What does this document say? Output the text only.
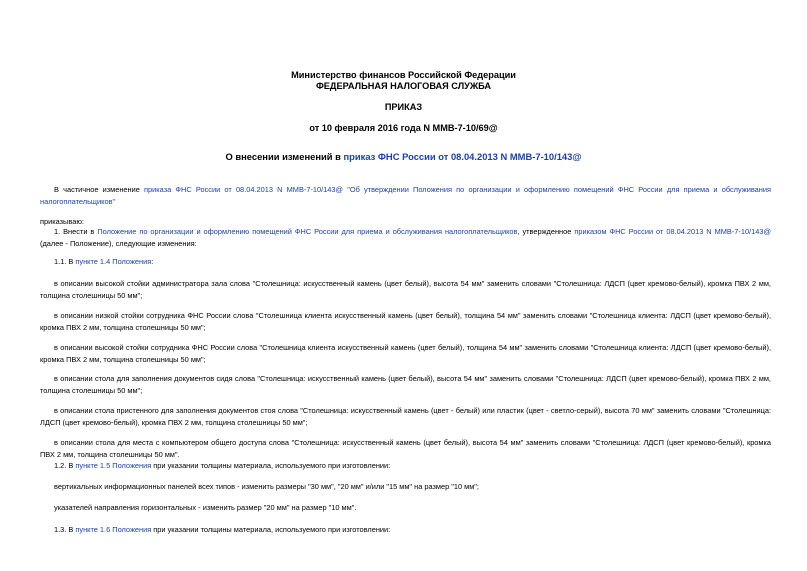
Министерство финансов Российской Федерации
ФЕДЕРАЛЬНАЯ НАЛОГОВАЯ СЛУЖБА
ПРИКАЗ
от 10 февраля 2016 года N ММВ-7-10/69@
О внесении изменений в приказ ФНС России от 08.04.2013 N ММВ-7-10/143@
В частичное изменение приказа ФНС России от 08.04.2013 N ММВ-7-10/143@ "Об утверждении Положения по организации и оформлению помещений ФНС России для приема и обслуживания налогоплательщиков"
приказываю:
1. Внести в Положение по организации и оформлению помещений ФНС России для приема и обслуживания налогоплательщиков, утвержденное приказом ФНС России от 08.04.2013 N ММВ-7-10/143@ (далее - Положение), следующие изменения:
1.1. В пункте 1.4 Положения:
в описании высокой стойки администратора зала слова "Столешница: искусственный камень (цвет белый), высота 54 мм" заменить словами "Столешница: ЛДСП (цвет кремово-белый), кромка ПВХ 2 мм, толщина столешницы 50 мм";
в описании низкой стойки сотрудника ФНС России слова "Столешница клиента искусственный камень (цвет белый), толщина 54 мм" заменить словами "Столешница клиента: ЛДСП (цвет кремово-белый), кромка ПВХ 2 мм, толщина столешницы 50 мм";
в описании высокой стойки сотрудника ФНС России слова "Столешница клиента искусственный камень (цвет белый), толщина 54 мм" заменить словами "Столешница клиента: ЛДСП (цвет кремово-белый), кромка ПВХ 2 мм, толщина столешницы 50 мм";
в описании стола для заполнения документов сидя слова "Столешница: искусственный камень (цвет белый), высота 54 мм" заменить словами "Столешница: ЛДСП (цвет кремово-белый), кромка ПВХ 2 мм, толщина столешницы 50 мм";
в описании стола пристенного для заполнения документов стоя слова "Столешница: искусственный камень (цвет - белый) или пластик (цвет - светло-серый), высота 70 мм" заменить словами "Столешница: ЛДСП (цвет кремово-белый), кромка ПВХ 2 мм, толщина столешницы 50 мм";
в описании стола для места с компьютером общего доступа слова "Столешница: искусственный камень (цвет белый), высота 54 мм" заменить словами "Столешница: ЛДСП (цвет кремово-белый), кромка ПВХ 2 мм, толщина столешницы 50 мм".
1.2. В пункте 1.5 Положения при указании толщины материала, используемого при изготовлении:
вертикальных информационных панелей всех типов - изменить размеры "30 мм", "20 мм" и/или "15 мм" на размер "10 мм";
указателей направления горизонтальных - изменить размер "20 мм" на размер "10 мм".
1.3. В пункте 1.6 Положения при указании толщины материала, используемого при изготовлении:
